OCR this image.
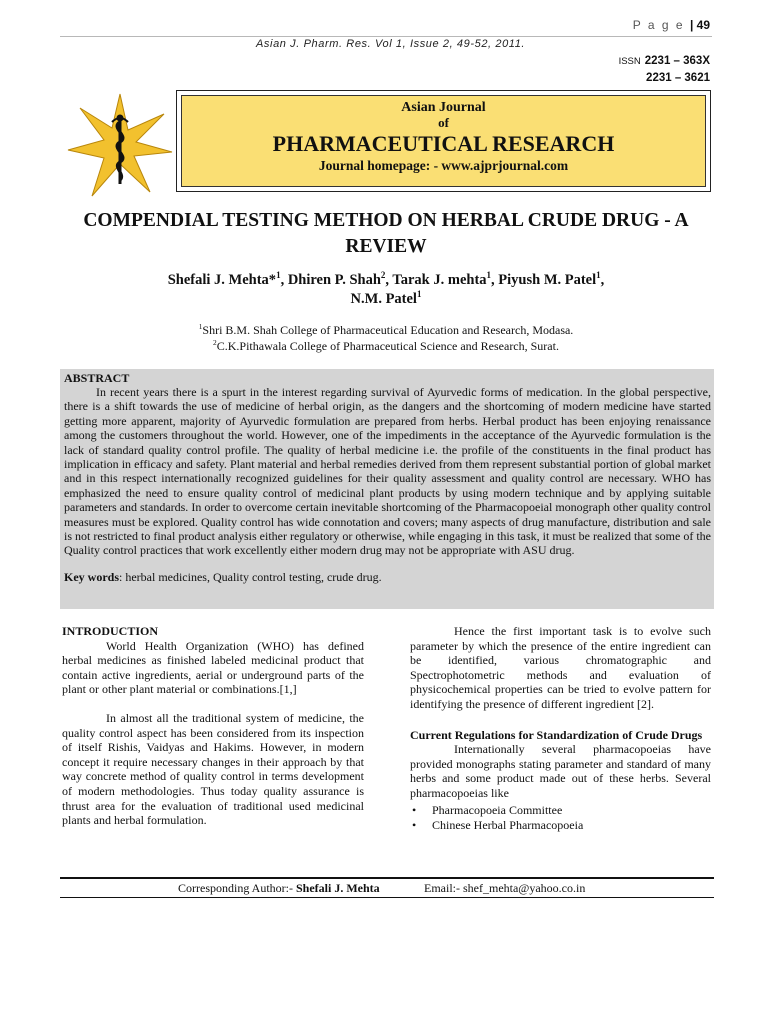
P a g e | 49
Asian J. Pharm. Res. Vol 1, Issue 2, 49-52, 2011.
ISSN 2231 – 363X
2231 – 3621
Asian Journal
of
PHARMACEUTICAL RESEARCH
Journal homepage: - www.ajprjournal.com
COMPENDIAL TESTING METHOD ON HERBAL CRUDE DRUG - A REVIEW
Shefali J. Mehta*$^1$, Dhiren P. Shah$^2$, Tarak J. mehta$^1$, Piyush M. Patel$^1$,
N.M. Patel$^1$
$^1$Shri B.M. Shah College of Pharmaceutical Education and Research, Modasa.
$^2$C.K.Pithawala College of Pharmaceutical Science and Research, Surat.
ABSTRACT

In recent years there is a spurt in the interest regarding survival of Ayurvedic forms of medication. In the global perspective, there is a shift towards the use of medicine of herbal origin, as the dangers and the shortcoming of modern medicine have started getting more apparent, majority of Ayurvedic formulation are prepared from herbs. Herbal product has been enjoying renaissance among the customers throughout the world. However, one of the impediments in the acceptance of the Ayurvedic formulation is the lack of standard quality control profile. The quality of herbal medicine i.e. the profile of the constituents in the final product has implication in efficacy and safety. Plant material and herbal remedies derived from them represent substantial portion of global market and in this respect internationally recognized guidelines for their quality assessment and quality control are necessary. WHO has emphasized the need to ensure quality control of medicinal plant products by using modern technique and by applying suitable parameters and standards. In order to overcome certain inevitable shortcoming of the Pharmacopoeial monograph other quality control measures must be explored. Quality control has wide connotation and covers; many aspects of drug manufacture, distribution and sale is not restricted to final product analysis either regulatory or otherwise, while engaging in this task, it must be realized that some of the Quality control practices that work excellently either modern drug may not be appropriate with ASU drug.

Key words: herbal medicines, Quality control testing, crude drug.
INTRODUCTION

World Health Organization (WHO) has defined herbal medicines as finished labeled medicinal product that contain active ingredients, aerial or underground parts of the plant or other plant material or combinations.[1,]

In almost all the traditional system of medicine, the quality control aspect has been considered from its inspection of itself Rishis, Vaidyas and Hakims. However, in modern concept it require necessary changes in their approach by that way concrete method of quality control in terms development of modern methodologies. Thus today quality assurance is thrust area for the evaluation of traditional used medicinal plants and herbal formulation.

Hence the first important task is to evolve such parameter by which the presence of the entire ingredient can be identified, various chromatographic and Spectrophotometric methods and evaluation of physicochemical properties can be tried to evolve pattern for identifying the presence of different ingredient [2].

Current Regulations for Standardization of Crude Drugs

Internationally several pharmacopoeias have provided monographs stating parameter and standard of many herbs and some product made out of these herbs. Several pharmacopoeias like

• Pharmacopoeia Committee
• Chinese Herbal Pharmacopoeia
Corresponding Author:- Shefali J. Mehta	Email:- shef_mehta@yahoo.co.in
